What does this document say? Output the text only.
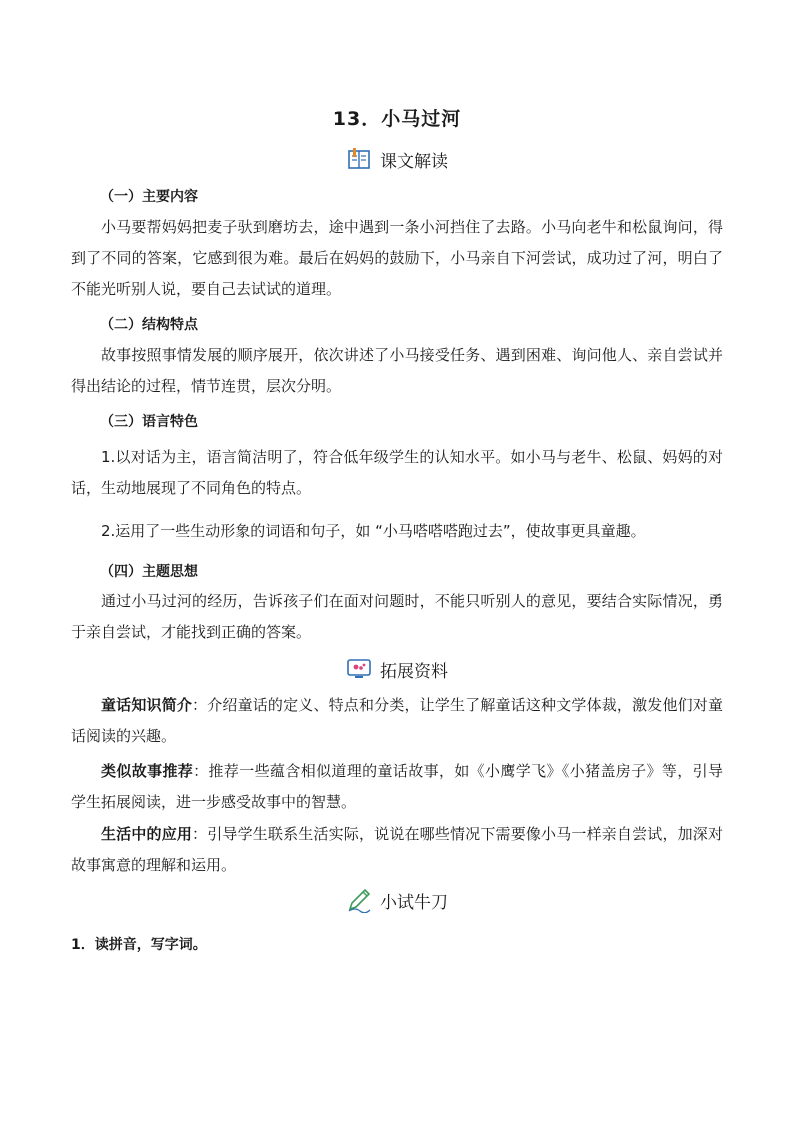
13．小马过河
课文解读
（一）主要内容
小马要帮妈妈把麦子驮到磨坊去，途中遇到一条小河挡住了去路。小马向老牛和松鼠询问，得到了不同的答案，它感到很为难。最后在妈妈的鼓励下，小马亲自下河尝试，成功过了河，明白了不能光听别人说，要自己去试试的道理。
（二）结构特点
故事按照事情发展的顺序展开，依次讲述了小马接受任务、遇到困难、询问他人、亲自尝试并得出结论的过程，情节连贯，层次分明。
（三）语言特色
1.以对话为主，语言简洁明了，符合低年级学生的认知水平。如小马与老牛、松鼠、妈妈的对话，生动地展现了不同角色的特点。
2.运用了一些生动形象的词语和句子，如 “小马嗒嗒嗒跑过去”，使故事更具童趣。
（四）主题思想
通过小马过河的经历，告诉孩子们在面对问题时，不能只听别人的意见，要结合实际情况，勇于亲自尝试，才能找到正确的答案。
拓展资料
童话知识简介：介绍童话的定义、特点和分类，让学生了解童话这种文学体裁，激发他们对童话阅读的兴趣。
类似故事推荐：推荐一些蕴含相似道理的童话故事，如《小鹰学飞》《小猪盖房子》等，引导学生拓展阅读，进一步感受故事中的智慧。
生活中的应用：引导学生联系生活实际，说说在哪些情况下需要像小马一样亲自尝试，加深对故事寓意的理解和运用。
小试牛刀
1．读拼音，写字词。
